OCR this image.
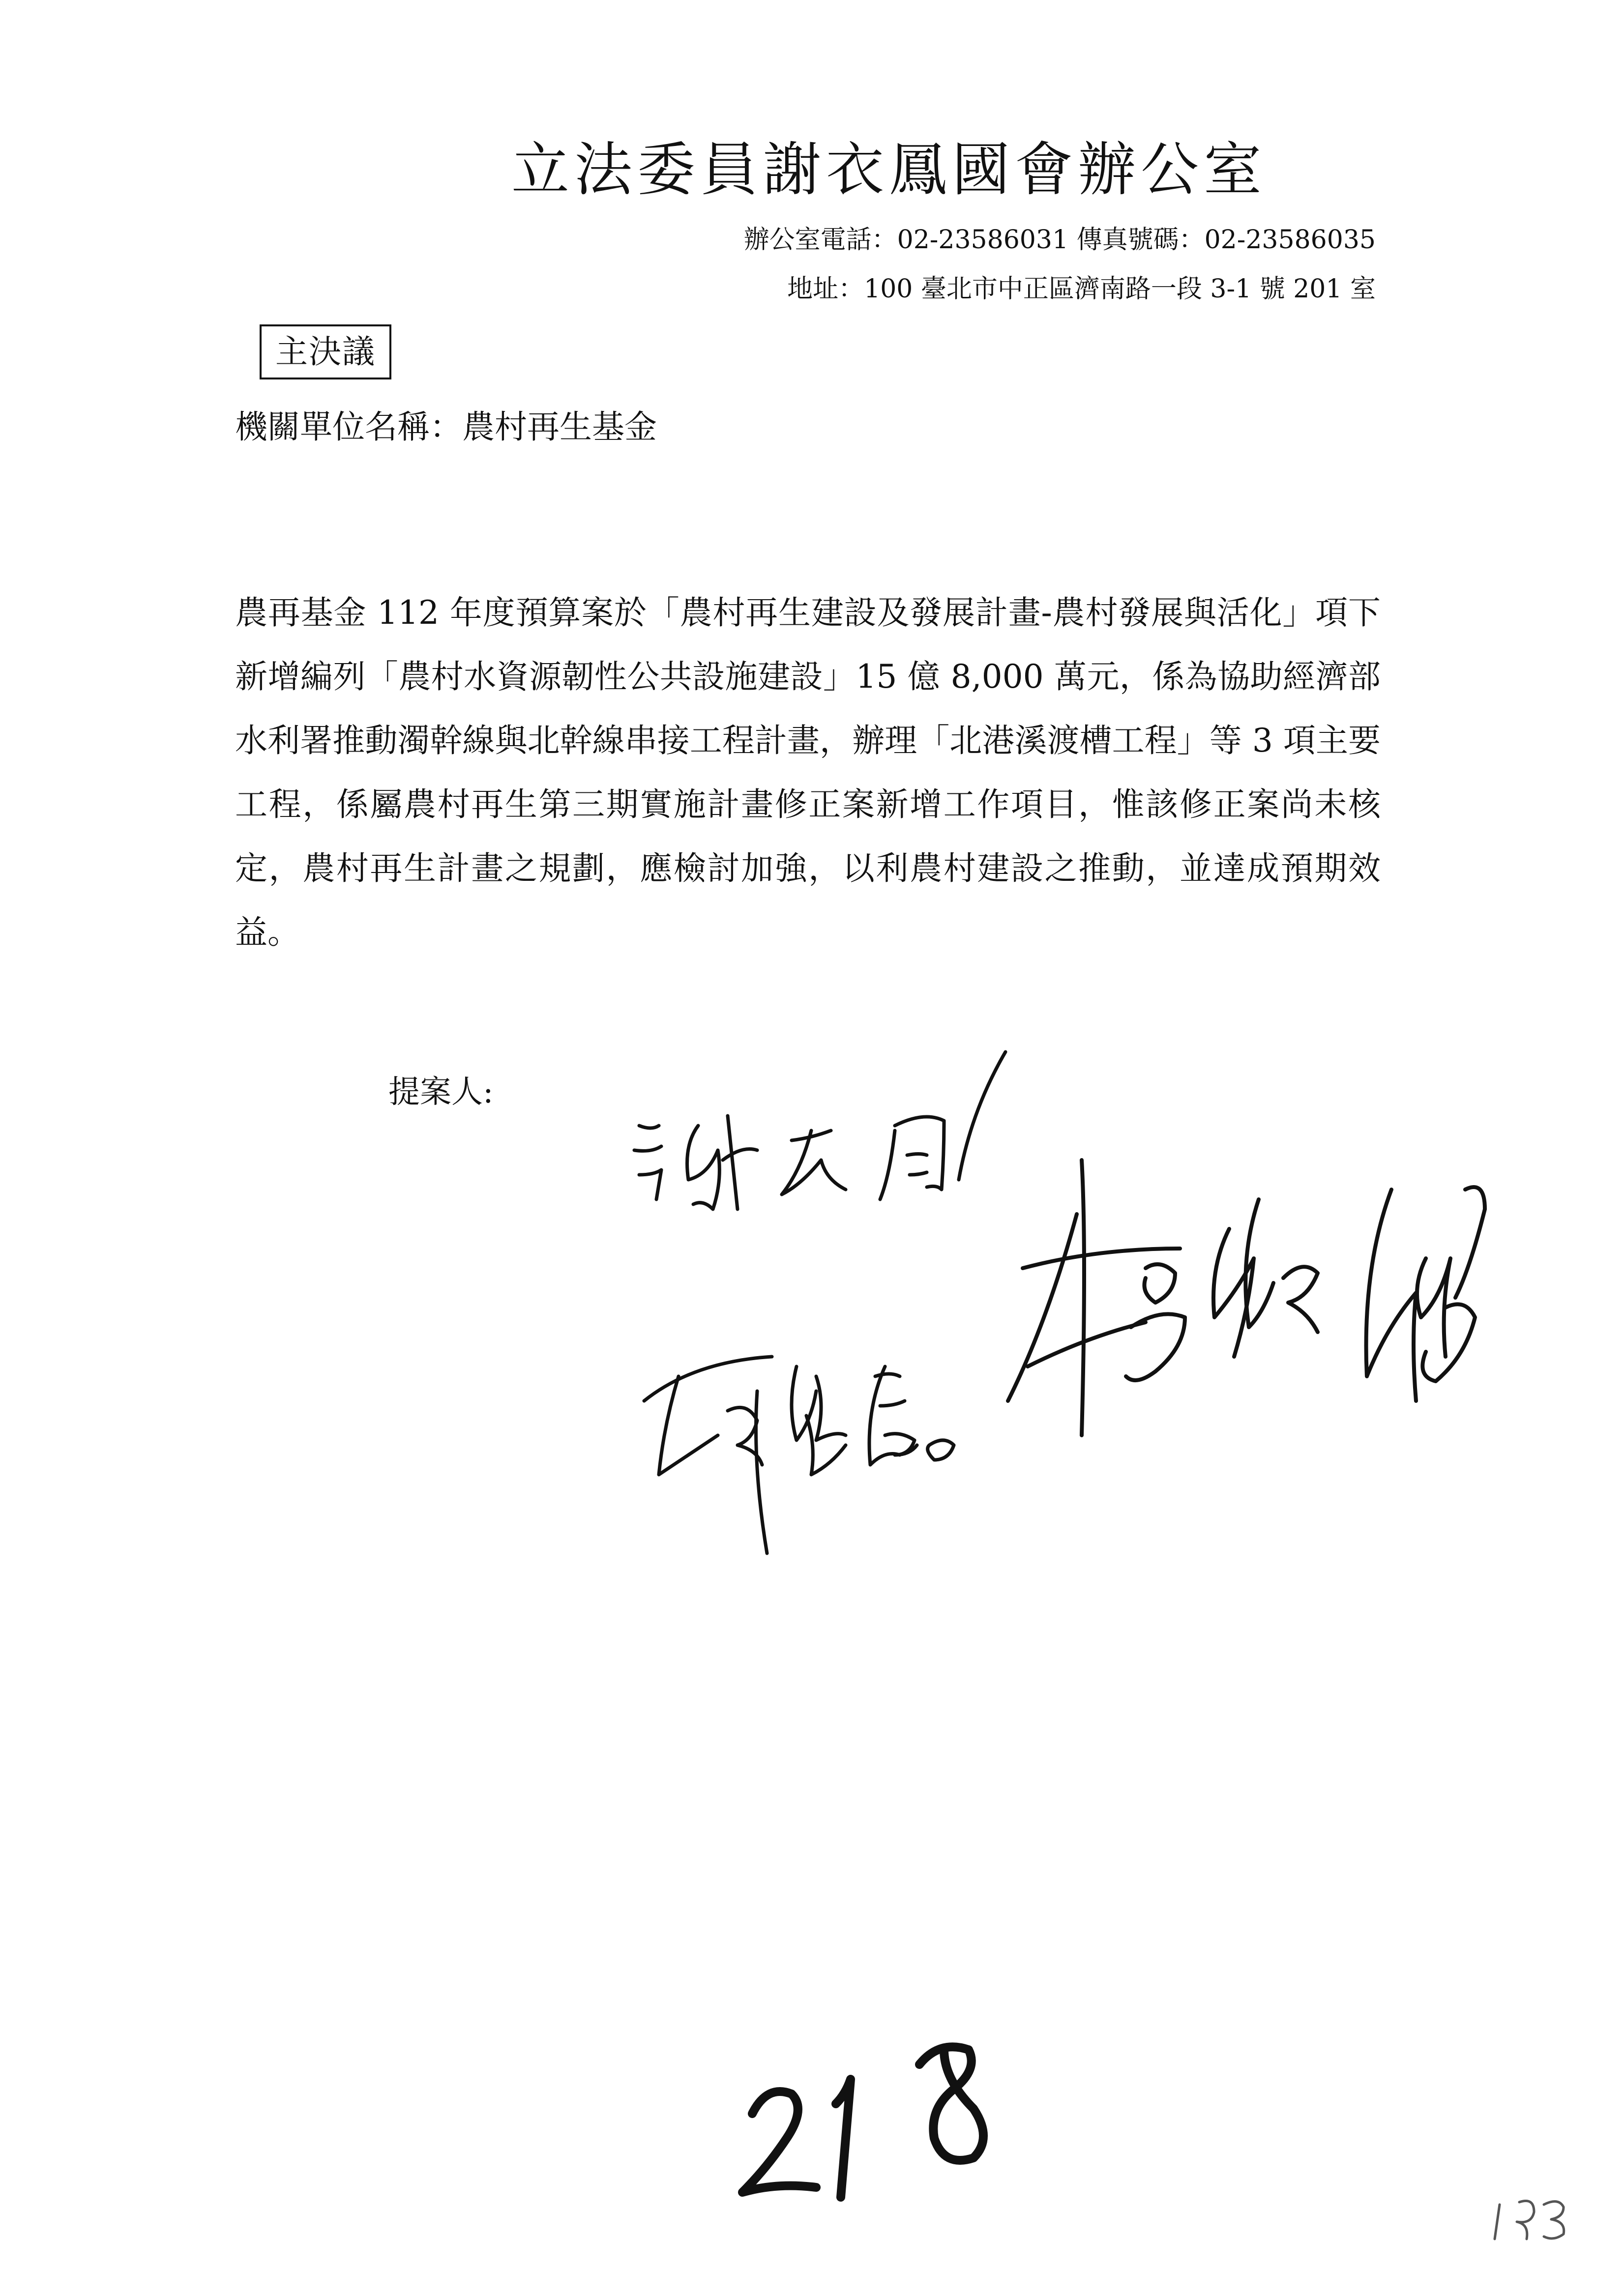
立法委員謝衣鳳國會辦公室
辦公室電話：02-23586031 傳真號碼：02-23586035
地址：100 臺北市中正區濟南路一段 3-1 號 201 室
主決議
機關單位名稱：農村再生基金

農再基金 112 年度預算案於「農村再生建設及發展計畫-農村發展與活化」項下新增編列「農村水資源韌性公共設施建設」15 億 8,000 萬元，係為協助經濟部水利署推動濁幹線與北幹線串接工程計畫，辦理「北港溪渡槽工程」等 3 項主要工程，係屬農村再生第三期實施計畫修正案新增工作項目，惟該修正案尚未核定，農村再生計畫之規劃，應檢討加強，以利農村建設之推動，並達成預期效益。

提案人:
